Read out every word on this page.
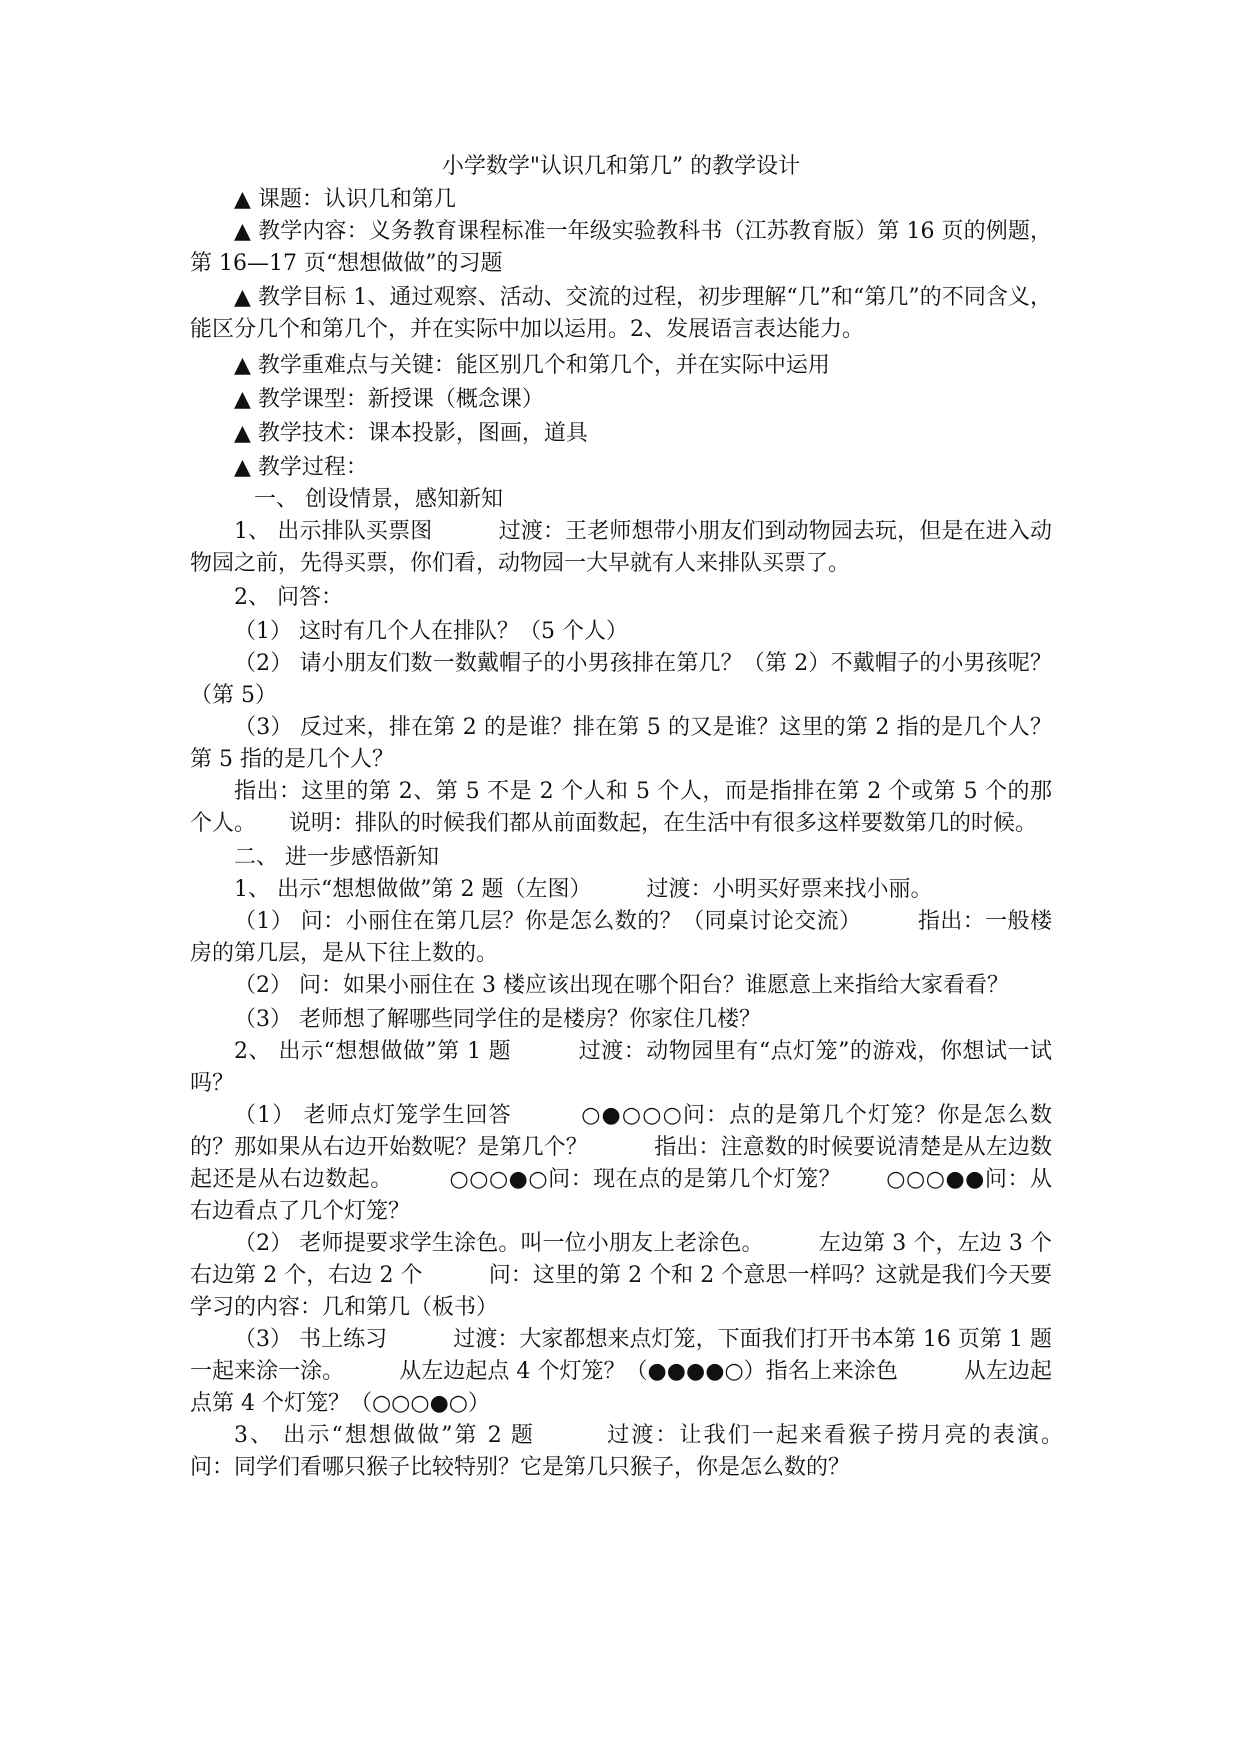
小学数学"认识几和第几” 的教学设计

▲ 课题：认识几和第几

▲ 教学内容：义务教育课程标准一年级实验教科书（江苏教育版）第 16 页的例题，第 16—17 页“想想做做”的习题

▲ 教学目标 1、通过观察、活动、交流的过程，初步理解“几”和“第几”的不同含义，能区分几个和第几个，并在实际中加以运用。2、发展语言表达能力。

▲ 教学重难点与关键：能区别几个和第几个，并在实际中运用

▲ 教学课型：新授课（概念课）

▲ 教学技术：课本投影，图画，道具

▲ 教学过程：

一、 创设情景，感知新知

1、 出示排队买票图　　　过渡：王老师想带小朋友们到动物园去玩，但是在进入动物园之前，先得买票，你们看，动物园一大早就有人来排队买票了。

2、 问答：

（1） 这时有几个人在排队？（5 个人）

（2） 请小朋友们数一数戴帽子的小男孩排在第几？（第 2）不戴帽子的小男孩呢？（第 5）

（3） 反过来，排在第 2 的是谁？排在第 5 的又是谁？这里的第 2 指的是几个人？第 5 指的是几个人？

指出：这里的第 2、第 5 不是 2 个人和 5 个人，而是指排在第 2 个或第 5 个的那个人。　　说明：排队的时候我们都从前面数起，在生活中有很多这样要数第几的时候。

二、 进一步感悟新知

1、 出示“想想做做”第 2 题（左图）　　　过渡：小明买好票来找小丽。

（1） 问：小丽住在第几层？你是怎么数的？（同桌讨论交流）　　　指出：一般楼房的第几层，是从下往上数的。

（2） 问：如果小丽住在 3 楼应该出现在哪个阳台？谁愿意上来指给大家看看？

（3） 老师想了解哪些同学住的是楼房？你家住几楼？

2、 出示“想想做做”第 1 题　　　过渡：动物园里有“点灯笼”的游戏，你想试一试吗？

（1） 老师点灯笼学生回答　　　○●○○○问：点的是第几个灯笼？你是怎么数的？那如果从右边开始数呢？是第几个？　　　指出：注意数的时候要说清楚是从左边数起还是从右边数起。　　　○○○●○问：现在点的是第几个灯笼？　　○○○●●问：从右边看点了几个灯笼？

（2） 老师提要求学生涂色。叫一位小朋友上老涂色。　　　左边第 3 个，左边 3 个　　　右边第 2 个，右边 2 个　　　问：这里的第 2 个和 2 个意思一样吗？这就是我们今天要学习的内容：几和第几（板书）

（3） 书上练习　　　过渡：大家都想来点灯笼，下面我们打开书本第 16 页第 1 题一起来涂一涂。　　　从左边起点 4 个灯笼？（●●●●○）指名上来涂色　　　从左边起点第 4 个灯笼？（○○○●○）

3、 出示“想想做做”第 2 题　　　过渡：让我们一起来看猴子捞月亮的表演。　　问：同学们看哪只猴子比较特别？它是第几只猴子，你是怎么数的？
